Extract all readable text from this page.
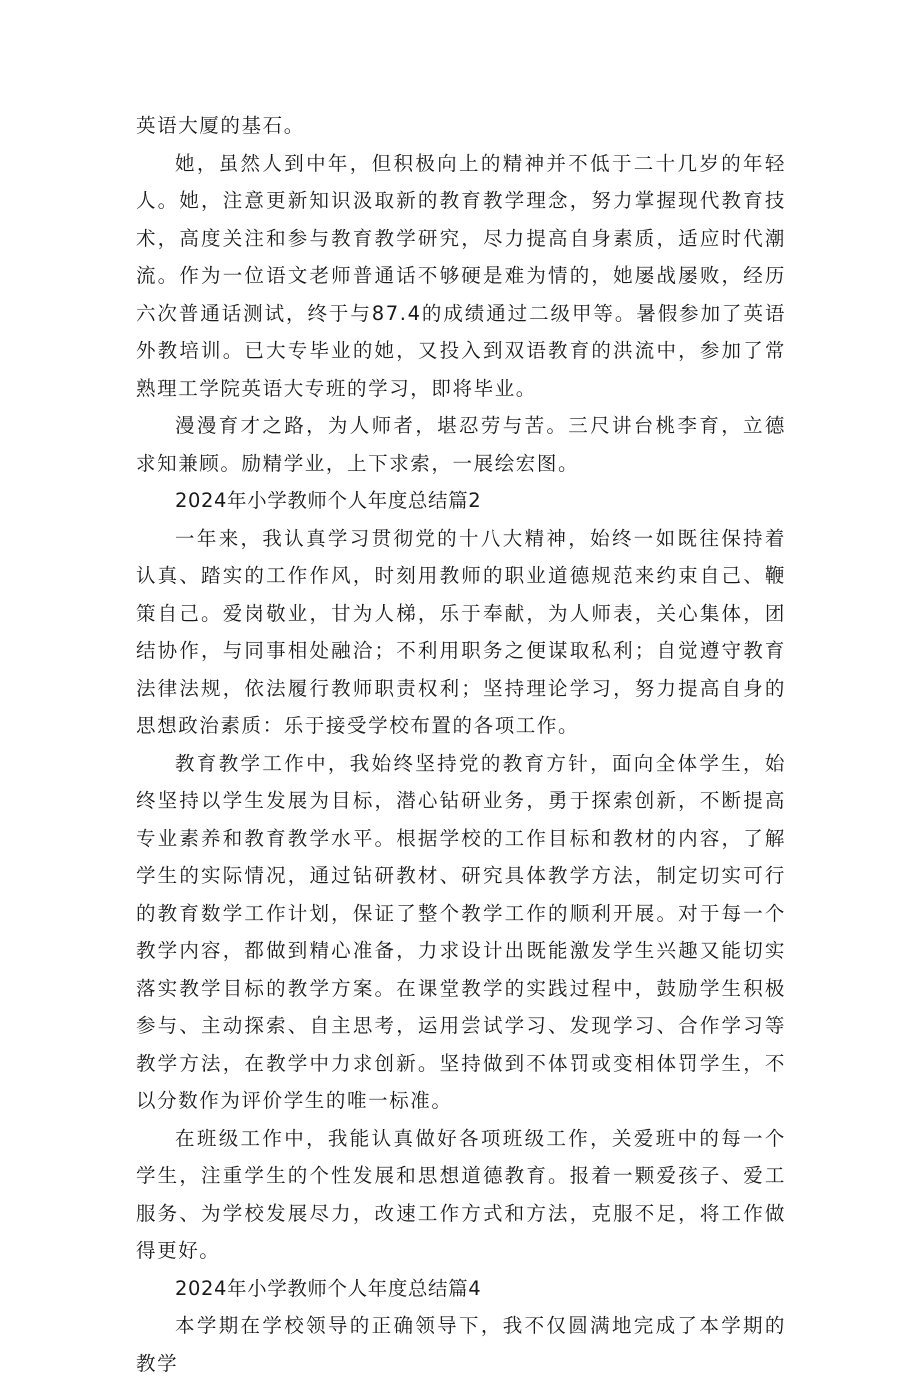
英语大厦的基石。

她，虽然人到中年，但积极向上的精神并不低于二十几岁的年轻人。她，注意更新知识汲取新的教育教学理念，努力掌握现代教育技术，高度关注和参与教育教学研究，尽力提高自身素质，适应时代潮流。作为一位语文老师普通话不够硬是难为情的，她屡战屡败，经历六次普通话测试，终于与87.4的成绩通过二级甲等。暑假参加了英语外教培训。已大专毕业的她，又投入到双语教育的洪流中，参加了常熟理工学院英语大专班的学习，即将毕业。

漫漫育才之路，为人师者，堪忍劳与苦。三尺讲台桃李育，立德求知兼顾。励精学业，上下求索，一展绘宏图。

2024年小学教师个人年度总结篇2

一年来，我认真学习贯彻党的十八大精神，始终一如既往保持着认真、踏实的工作作风，时刻用教师的职业道德规范来约束自己、鞭策自己。爱岗敬业，甘为人梯，乐于奉献，为人师表，关心集体，团结协作，与同事相处融洽；不利用职务之便谋取私利；自觉遵守教育法律法规，依法履行教师职责权利；坚持理论学习，努力提高自身的思想政治素质：乐于接受学校布置的各项工作。

教育教学工作中，我始终坚持党的教育方针，面向全体学生，始终坚持以学生发展为目标，潜心钻研业务，勇于探索创新，不断提高专业素养和教育教学水平。根据学校的工作目标和教材的内容，了解学生的实际情况，通过钻研教材、研究具体教学方法，制定切实可行的教育数学工作计划，保证了整个教学工作的顺利开展。对于每一个教学内容，都做到精心准备，力求设计出既能激发学生兴趣又能切实落实教学目标的教学方案。在课堂教学的实践过程中，鼓励学生积极参与、主动探索、自主思考，运用尝试学习、发现学习、合作学习等教学方法，在教学中力求创新。坚持做到不体罚或变相体罚学生，不以分数作为评价学生的唯一标准。

在班级工作中，我能认真做好各项班级工作，关爱班中的每一个学生，注重学生的个性发展和思想道德教育。报着一颗爱孩子、爱工服务、为学校发展尽力，改速工作方式和方法，克服不足，将工作做得更好。

2024年小学教师个人年度总结篇4

本学期在学校领导的正确领导下，我不仅圆满地完成了本学期的教学
